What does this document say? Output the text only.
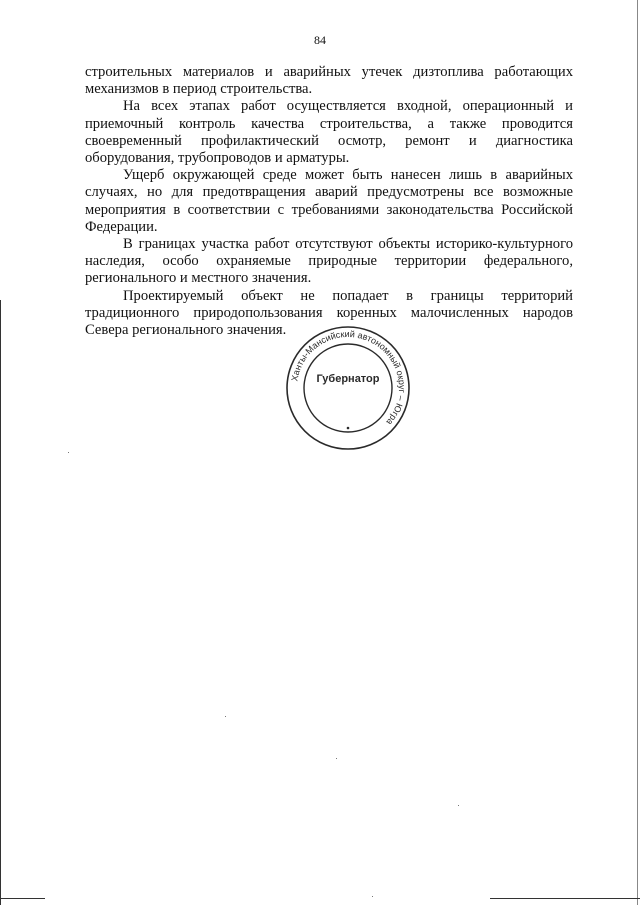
84

строительных материалов и аварийных утечек дизтоплива работающих механизмов в период строительства.

На всех этапах работ осуществляется входной, операционный и приемочный контроль качества строительства, а также проводится своевременный профилактический осмотр, ремонт и диагностика оборудования, трубопроводов и арматуры.

Ущерб окружающей среде может быть нанесен лишь в аварийных случаях, но для предотвращения аварий предусмотрены все возможные мероприятия в соответствии с требованиями законодательства Российской Федерации.

В границах участка работ отсутствуют объекты историко-культурного наследия, особо охраняемые природные территории федерального, регионального и местного значения.

Проектируемый объект не попадает в границы территорий традиционного природопользования коренных малочисленных народов Севера регионального значения.

Ханты-Мансийский автономный округ – Югра
Губернатор
